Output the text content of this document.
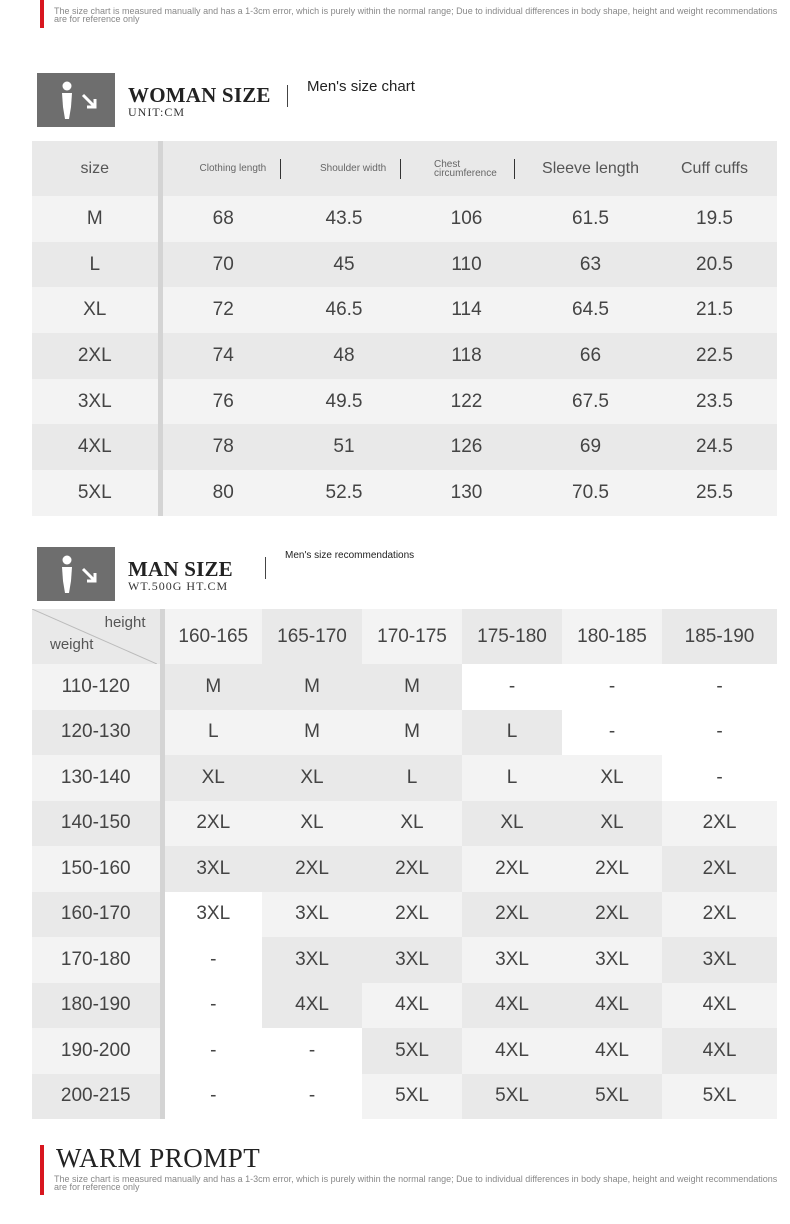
The size chart is measured manually and has a 1-3cm error, which is purely within the normal range; Due to individual differences in body shape, height and weight recommendations are for reference only
WOMAN SIZE
UNIT:CM
Men's size chart
size	Clothing length	Shoulder width	Chest circumference	Sleeve length	Cuff cuffs
M	68	43.5	106	61.5	19.5
L	70	45	110	63	20.5
XL	72	46.5	114	64.5	21.5
2XL	74	48	118	66	22.5
3XL	76	49.5	122	67.5	23.5
4XL	78	51	126	69	24.5
5XL	80	52.5	130	70.5	25.5
MAN SIZE
WT.500G HT.CM
Men's size recommendations
height
weight	160-165	165-170	170-175	175-180	180-185	185-190
110-120	M	M	M	-	-	-
120-130	L	M	M	L	-	-
130-140	XL	XL	L	L	XL	-
140-150	2XL	XL	XL	XL	XL	2XL
150-160	3XL	2XL	2XL	2XL	2XL	2XL
160-170	3XL	3XL	2XL	2XL	2XL	2XL
170-180	-	3XL	3XL	3XL	3XL	3XL
180-190	-	4XL	4XL	4XL	4XL	4XL
190-200	-	-	5XL	4XL	4XL	4XL
200-215	-	-	5XL	5XL	5XL	5XL
WARM PROMPT
The size chart is measured manually and has a 1-3cm error, which is purely within the normal range; Due to individual differences in body shape, height and weight recommendations are for reference only
